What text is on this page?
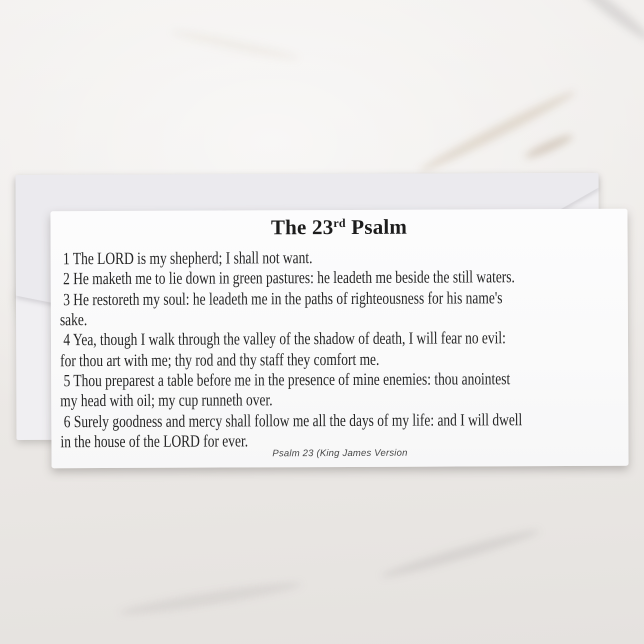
The 23rd Psalm
1 The LORD is my shepherd; I shall not want.
2 He maketh me to lie down in green pastures: he leadeth me beside the still waters.
3 He restoreth my soul: he leadeth me in the paths of righteousness for his name's
sake.
4 Yea, though I walk through the valley of the shadow of death, I will fear no evil:
for thou art with me; thy rod and thy staff they comfort me.
5 Thou preparest a table before me in the presence of mine enemies: thou anointest
my head with oil; my cup runneth over.
6 Surely goodness and mercy shall follow me all the days of my life: and I will dwell
in the house of the LORD for ever.
Psalm 23 (King James Version
